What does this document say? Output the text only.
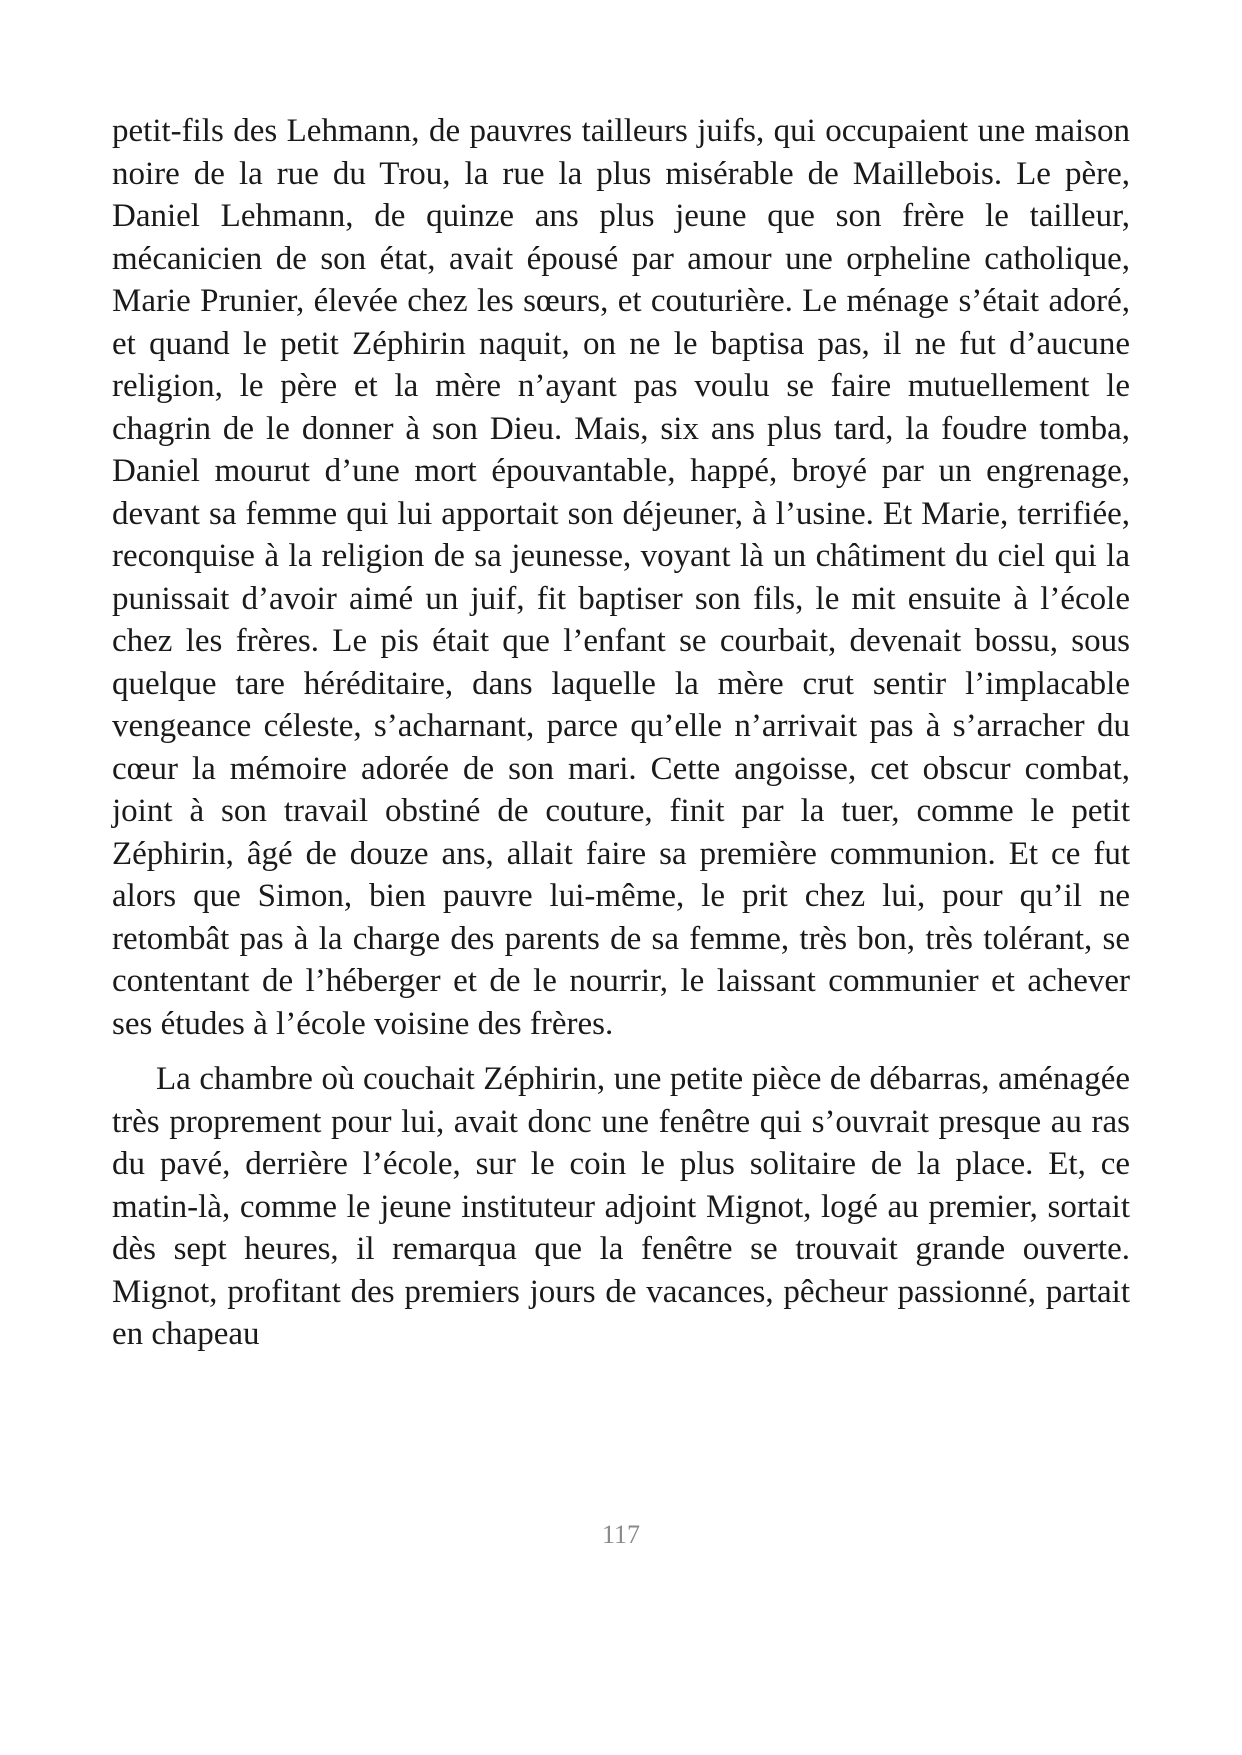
petit-fils des Lehmann, de pauvres tailleurs juifs, qui occupaient une maison noire de la rue du Trou, la rue la plus misérable de Maillebois. Le père, Daniel Lehmann, de quinze ans plus jeune que son frère le tailleur, mécanicien de son état, avait épousé par amour une orpheline catholique, Marie Prunier, élevée chez les sœurs, et couturière. Le ménage s’était adoré, et quand le petit Zéphirin naquit, on ne le baptisa pas, il ne fut d’aucune religion, le père et la mère n’ayant pas voulu se faire mutuellement le chagrin de le donner à son Dieu. Mais, six ans plus tard, la foudre tomba, Daniel mourut d’une mort épouvantable, happé, broyé par un engrenage, devant sa femme qui lui apportait son déjeuner, à l’usine. Et Marie, terrifiée, reconquise à la religion de sa jeunesse, voyant là un châtiment du ciel qui la punissait d’avoir aimé un juif, fit baptiser son fils, le mit ensuite à l’école chez les frères. Le pis était que l’enfant se courbait, devenait bossu, sous quelque tare héréditaire, dans laquelle la mère crut sentir l’implacable vengeance céleste, s’acharnant, parce qu’elle n’arrivait pas à s’arracher du cœur la mémoire adorée de son mari. Cette angoisse, cet obscur combat, joint à son travail obstiné de couture, finit par la tuer, comme le petit Zéphirin, âgé de douze ans, allait faire sa première communion. Et ce fut alors que Simon, bien pauvre lui-même, le prit chez lui, pour qu’il ne retombât pas à la charge des parents de sa femme, très bon, très tolérant, se contentant de l’héberger et de le nourrir, le laissant communier et achever ses études à l’école voisine des frères.

La chambre où couchait Zéphirin, une petite pièce de débarras, aménagée très proprement pour lui, avait donc une fenêtre qui s’ouvrait presque au ras du pavé, derrière l’école, sur le coin le plus solitaire de la place. Et, ce matin-là, comme le jeune instituteur adjoint Mignot, logé au premier, sortait dès sept heures, il remarqua que la fenêtre se trouvait grande ouverte. Mignot, profitant des premiers jours de vacances, pêcheur passionné, partait en chapeau

117
